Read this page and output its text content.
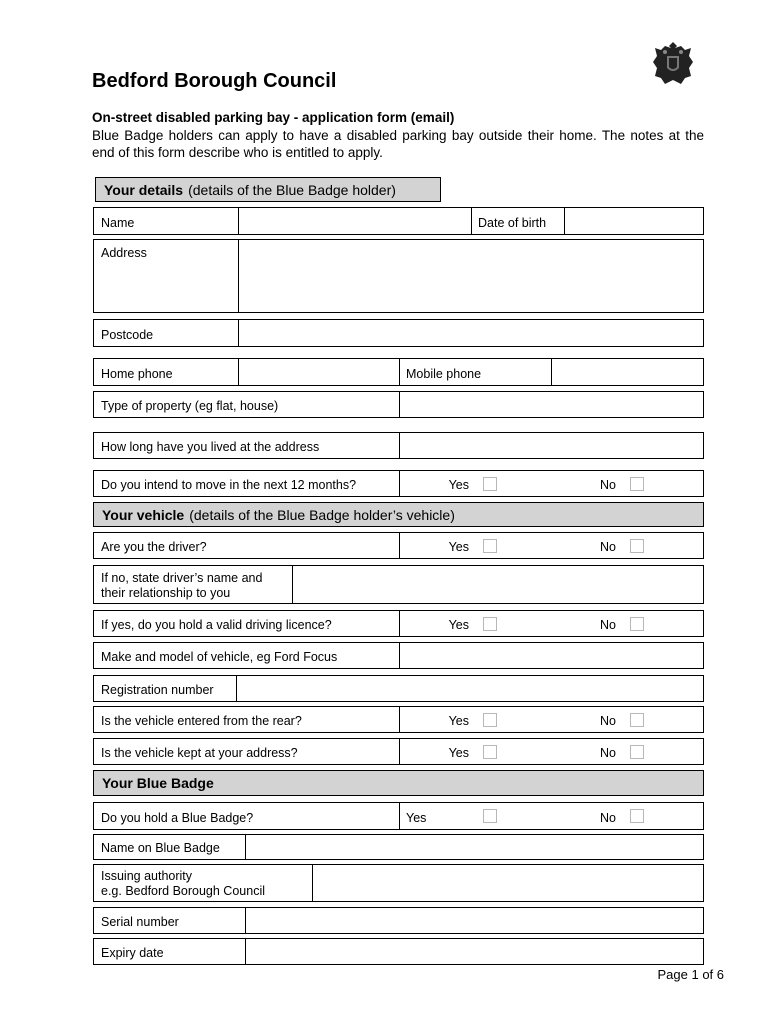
Bedford Borough Council
On-street disabled parking bay - application form (email)
Blue Badge holders can apply to have a disabled parking bay outside their home. The notes at the end of this form describe who is entitled to apply.
Your details (details of the Blue Badge holder)
Name	Date of birth
Address
Postcode
Home phone	Mobile phone
Type of property (eg flat, house)
How long have you lived at the address
Do you intend to move in the next 12 months?	Yes	No
Your vehicle (details of the Blue Badge holder’s vehicle)
Are you the driver?	Yes	No
If no, state driver’s name and
their relationship to you
If yes, do you hold a valid driving licence?	Yes	No
Make and model of vehicle, eg Ford Focus
Registration number
Is the vehicle entered from the rear?	Yes	No
Is the vehicle kept at your address?	Yes	No
Your Blue Badge
Do you hold a Blue Badge?	Yes	No
Name on Blue Badge
Issuing authority
e.g. Bedford Borough Council
Serial number
Expiry date
Page 1 of 6
